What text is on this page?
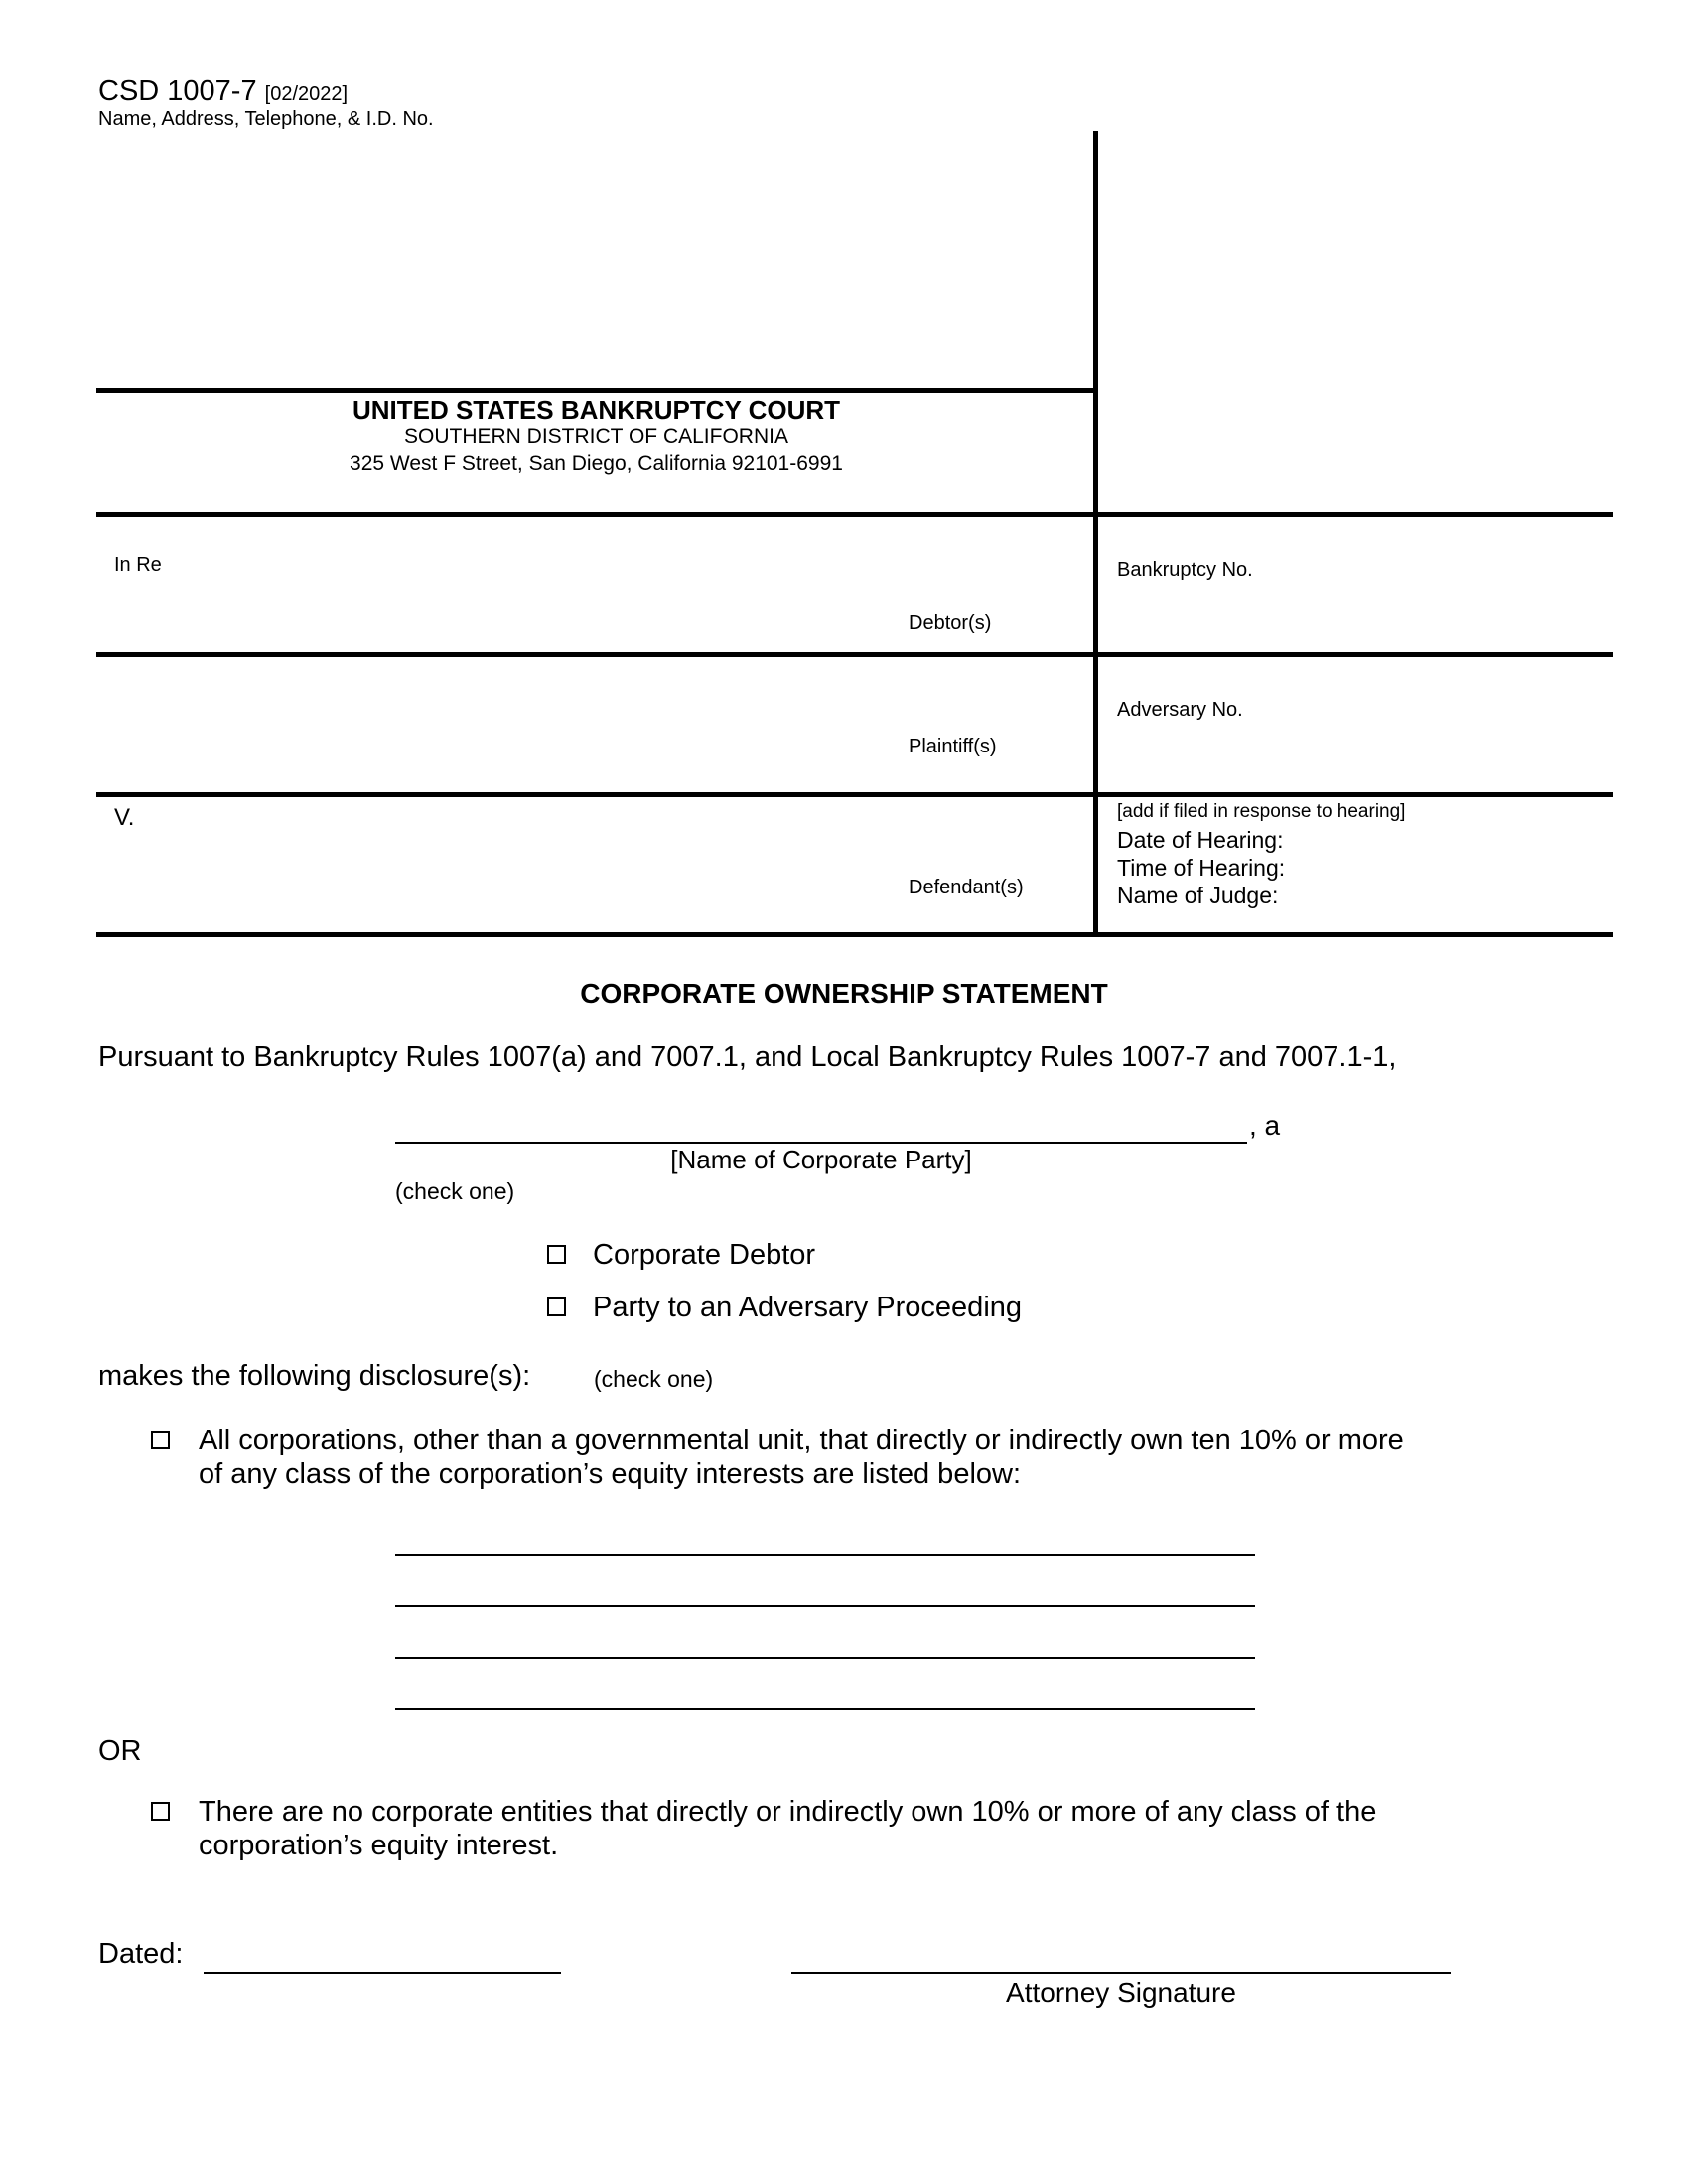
CSD 1007-7 [02/2022]
Name, Address, Telephone, & I.D. No.
UNITED STATES BANKRUPTCY COURT
SOUTHERN DISTRICT OF CALIFORNIA
325 West F Street, San Diego, California 92101-6991
In Re
Debtor(s)
Plaintiff(s)
V.
Defendant(s)
Bankruptcy No.
Adversary No.
[add if filed in response to hearing]
Date of Hearing:
Time of Hearing:
Name of Judge:
CORPORATE OWNERSHIP STATEMENT
Pursuant to Bankruptcy Rules 1007(a) and 7007.1, and Local Bankruptcy Rules 1007-7 and 7007.1-1,
, a
[Name of Corporate Party]
(check one)
Corporate Debtor
Party to an Adversary Proceeding
makes the following disclosure(s):	(check one)
All corporations, other than a governmental unit, that directly or indirectly own ten 10% or more
of any class of the corporation’s equity interests are listed below:
OR
There are no corporate entities that directly or indirectly own 10% or more of any class of the
corporation’s equity interest.
Dated:
Attorney Signature
